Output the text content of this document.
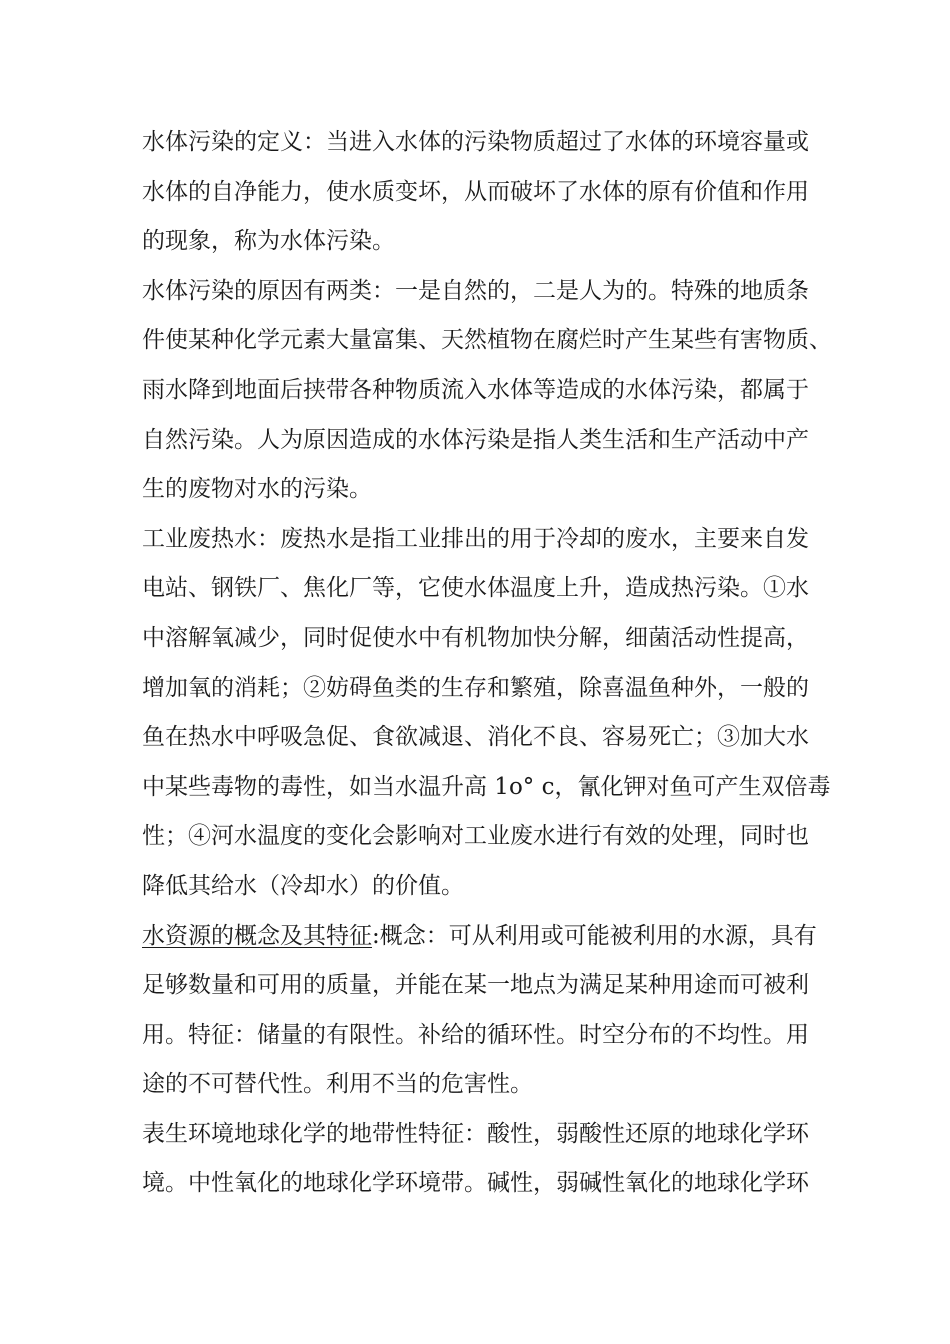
水体污染的定义：当进入水体的污染物质超过了水体的环境容量或
水体的自净能力，使水质变坏，从而破坏了水体的原有价值和作用
的现象，称为水体污染。
水体污染的原因有两类：一是自然的，二是人为的。特殊的地质条
件使某种化学元素大量富集、天然植物在腐烂时产生某些有害物质、
雨水降到地面后挟带各种物质流入水体等造成的水体污染，都属于
自然污染。人为原因造成的水体污染是指人类生活和生产活动中产
生的废物对水的污染。
工业废热水：废热水是指工业排出的用于冷却的废水，主要来自发
电站、钢铁厂、焦化厂等，它使水体温度上升，造成热污染。①水
中溶解氧减少，同时促使水中有机物加快分解，细菌活动性提高，
增加氧的消耗；②妨碍鱼类的生存和繁殖，除喜温鱼种外，一般的
鱼在热水中呼吸急促、食欲减退、消化不良、容易死亡；③加大水
中某些毒物的毒性，如当水温升高 1o° c，氰化钾对鱼可产生双倍毒
性；④河水温度的变化会影响对工业废水进行有效的处理，同时也
降低其给水（冷却水）的价值。
水资源的概念及其特征:概念：可从利用或可能被利用的水源，具有
足够数量和可用的质量，并能在某一地点为满足某种用途而可被利
用。特征：储量的有限性。补给的循环性。时空分布的不均性。用
途的不可替代性。利用不当的危害性。
表生环境地球化学的地带性特征：酸性，弱酸性还原的地球化学环
境。中性氧化的地球化学环境带。碱性，弱碱性氧化的地球化学环
